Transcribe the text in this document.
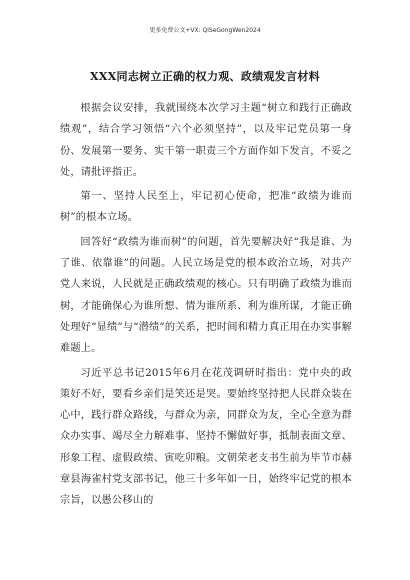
更多免费公文+VX: QiSeGongWen2024
XXX同志树立正确的权力观、政绩观发言材料

根据会议安排，我就围绕本次学习主题“树立和践行正确政绩观”，结合学习领悟“六个必须坚持”，以及牢记党员第一身份、发展第一要务、实干第一职责三个方面作如下发言，不妥之处，请批评指正。

第一、坚持人民至上，牢记初心使命，把准“政绩为谁而树”的根本立场。

回答好“政绩为谁而树”的问题，首先要解决好“我是谁、为了谁、依靠谁”的问题。人民立场是党的根本政治立场，对共产党人来说，人民就是正确政绩观的核心。只有明确了政绩为谁而树，才能确保心为谁所想、情为谁所系、利为谁所谋，才能正确处理好“显绩”与“潜绩”的关系，把时间和精力真正用在办实事解难题上。

习近平总书记2015年6月在花茂调研时指出：党中央的政策好不好，要看乡亲们是笑还是哭。要始终坚持把人民群众装在心中，践行群众路线，与群众为亲，同群众为友，全心全意为群众办实事、竭尽全力解难事、坚持不懈做好事，抵制表面文章、形象工程、虚假政绩、寅吃卯粮。文朝荣老支书生前为毕节市赫章县海雀村党支部书记，他三十多年如一日，始终牢记党的根本宗旨，以愚公移山的
